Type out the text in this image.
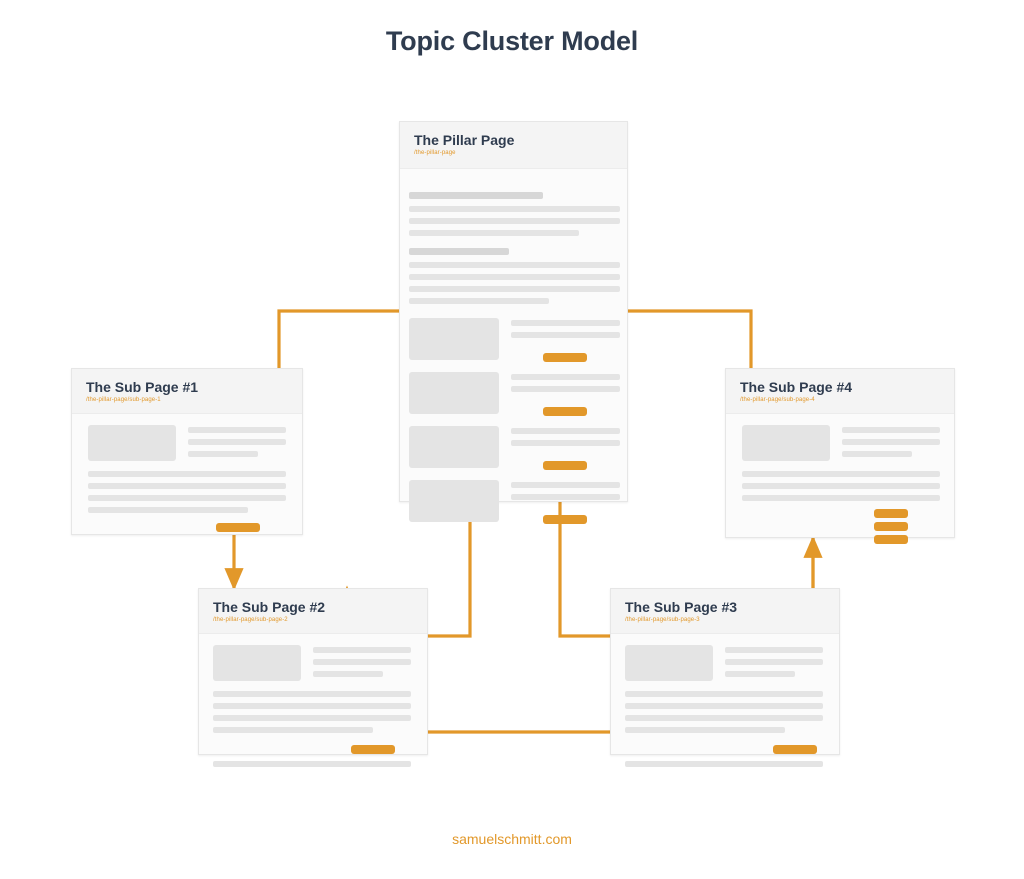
Topic Cluster Model
The Pillar Page
/the-pillar-page
The Sub Page #1
/the-pillar-page/sub-page-1
The Sub Page #2
/the-pillar-page/sub-page-2
The Sub Page #3
/the-pillar-page/sub-page-3
The Sub Page #4
/the-pillar-page/sub-page-4
samuelschmitt.com
